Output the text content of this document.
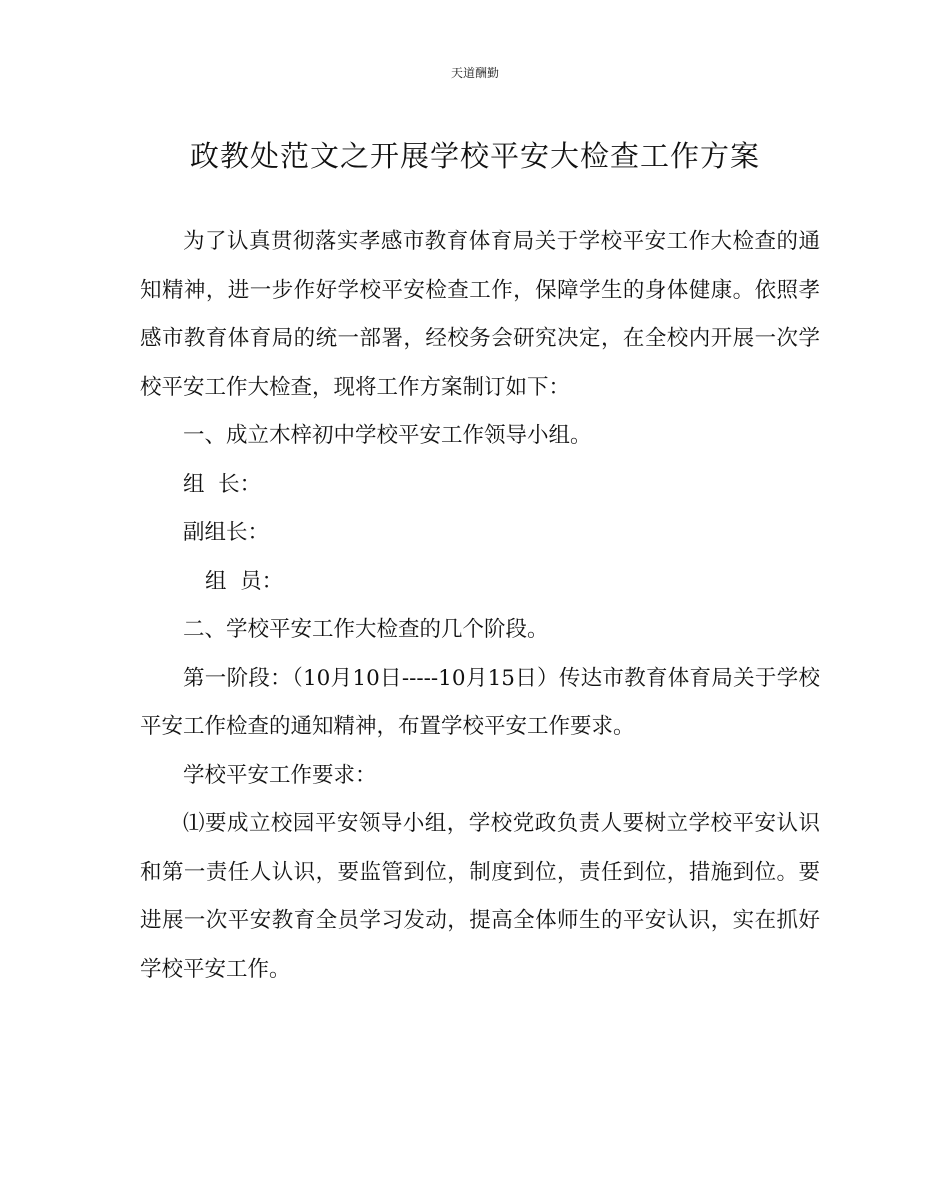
天道酬勤
政教处范文之开展学校平安大检查工作方案

为了认真贯彻落实孝感市教育体育局关于学校平安工作大检查的通知精神，进一步作好学校平安检查工作，保障学生的身体健康。依照孝感市教育体育局的统一部署，经校务会研究决定，在全校内开展一次学校平安工作大检查，现将工作方案制订如下：

一、成立木梓初中学校平安工作领导小组。

组  长：

副组长：

组  员：

二、学校平安工作大检查的几个阶段。

第一阶段：（10月10日-----10月15日）传达市教育体育局关于学校平安工作检查的通知精神，布置学校平安工作要求。

学校平安工作要求：

⑴要成立校园平安领导小组，学校党政负责人要树立学校平安认识和第一责任人认识，要监管到位，制度到位，责任到位，措施到位。要进展一次平安教育全员学习发动，提高全体师生的平安认识，实在抓好学校平安工作。
